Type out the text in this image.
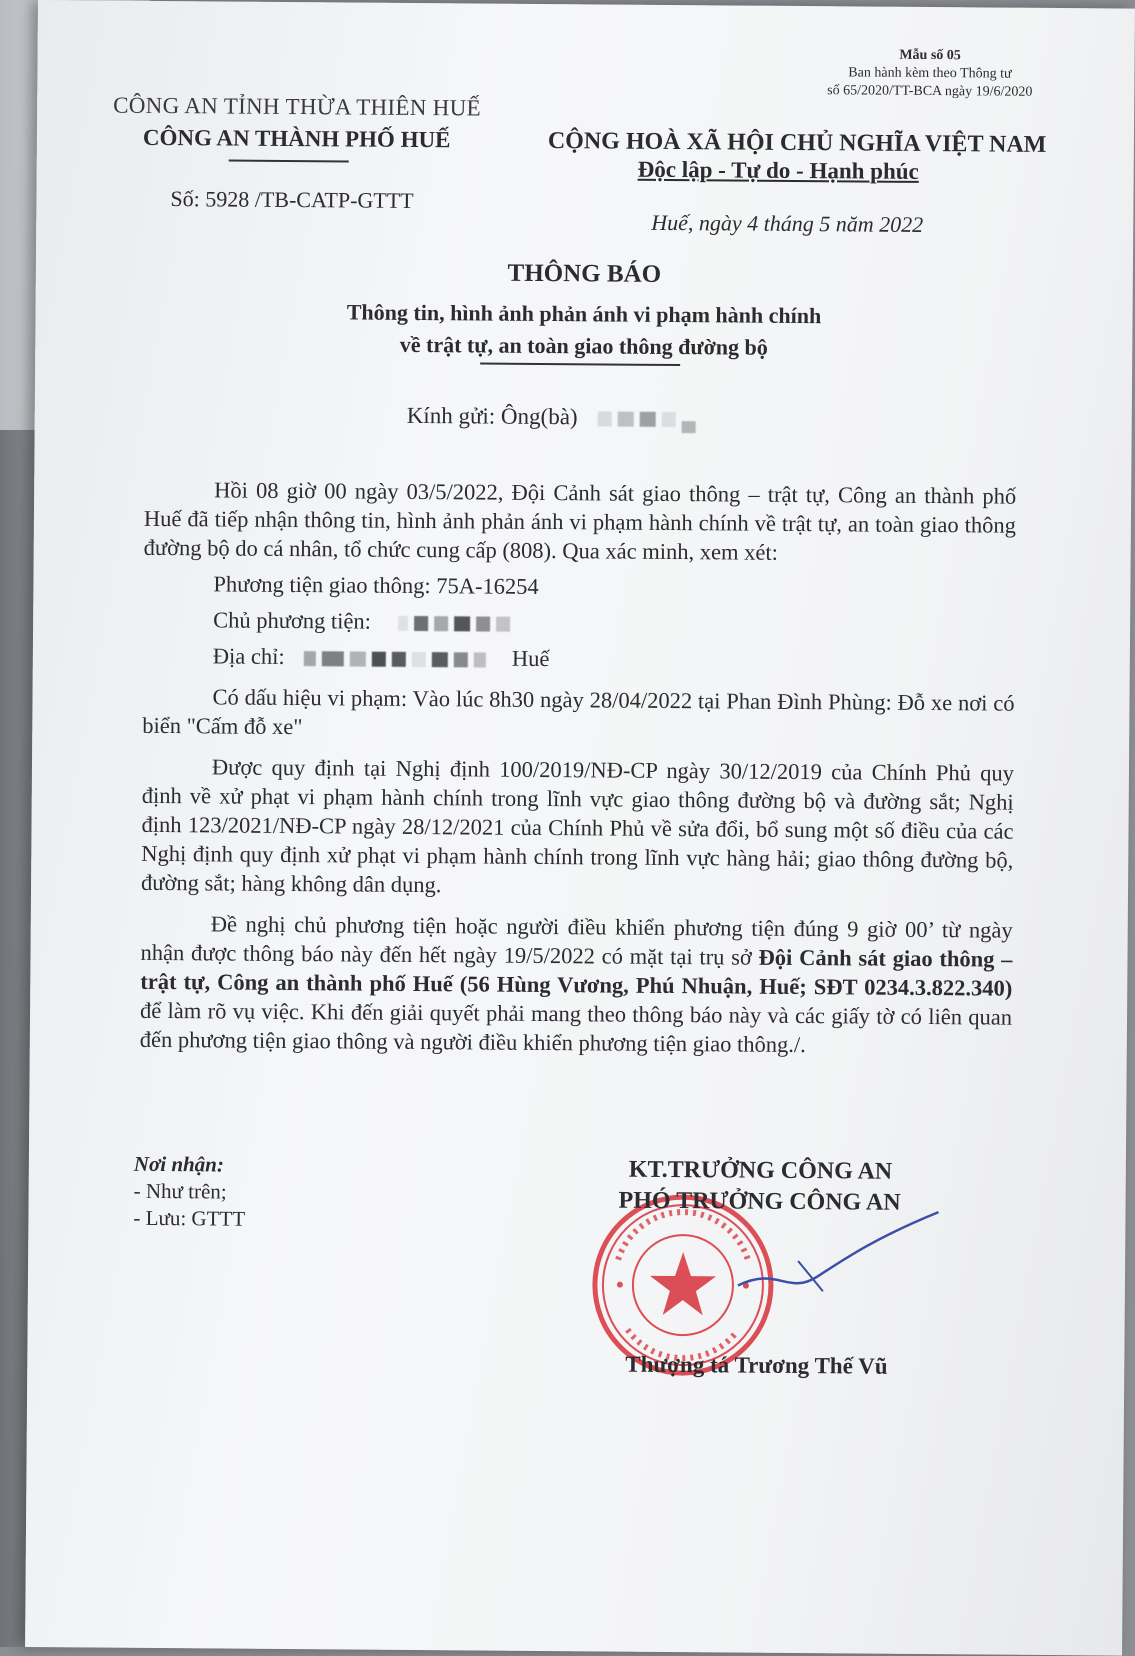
Mẫu số 05
Ban hành kèm theo Thông tư
số 65/2020/TT-BCA ngày 19/6/2020
CÔNG AN TỈNH THỪA THIÊN HUẾ
CÔNG AN THÀNH PHỐ HUẾ
Số: 5928 /TB-CATP-GTTT
CỘNG HOÀ XÃ HỘI CHỦ NGHĨA VIỆT NAM
Độc lập - Tự do - Hạnh phúc
Huế, ngày 4 tháng 5 năm 2022
THÔNG BÁO
Thông tin, hình ảnh phản ánh vi phạm hành chính
về trật tự, an toàn giao thông đường bộ
Kính gửi: Ông(bà)

Hồi 08 giờ 00 ngày 03/5/2022, Đội Cảnh sát giao thông – trật tự, Công an thành phố Huế đã tiếp nhận thông tin, hình ảnh phản ánh vi phạm hành chính về trật tự, an toàn giao thông đường bộ do cá nhân, tổ chức cung cấp (808). Qua xác minh, xem xét:

Phương tiện giao thông: 75A-16254

Chủ phương tiện:

Địa chỉ:	Huế

Có dấu hiệu vi phạm: Vào lúc 8h30 ngày 28/04/2022 tại Phan Đình Phùng: Đỗ xe nơi có biển "Cấm đỗ xe"

Được quy định tại Nghị định 100/2019/NĐ-CP ngày 30/12/2019 của Chính Phủ quy định về xử phạt vi phạm hành chính trong lĩnh vực giao thông đường bộ và đường sắt; Nghị định 123/2021/NĐ-CP ngày 28/12/2021 của Chính Phủ về sửa đổi, bổ sung một số điều của các Nghị định quy định xử phạt vi phạm hành chính trong lĩnh vực hàng hải; giao thông đường bộ, đường sắt; hàng không dân dụng.

Đề nghị chủ phương tiện hoặc người điều khiển phương tiện đúng 9 giờ 00’ từ ngày nhận được thông báo này đến hết ngày 19/5/2022 có mặt tại trụ sở Đội Cảnh sát giao thông – trật tự, Công an thành phố Huế (56 Hùng Vương, Phú Nhuận, Huế; SĐT 0234.3.822.340) để làm rõ vụ việc. Khi đến giải quyết phải mang theo thông báo này và các giấy tờ có liên quan đến phương tiện giao thông và người điều khiển phương tiện giao thông./.

Nơi nhận:
- Như trên;
- Lưu: GTTT
KT.TRƯỞNG CÔNG AN
PHÓ TRƯỞNG CÔNG AN
Thượng tá Trương Thế Vũ
